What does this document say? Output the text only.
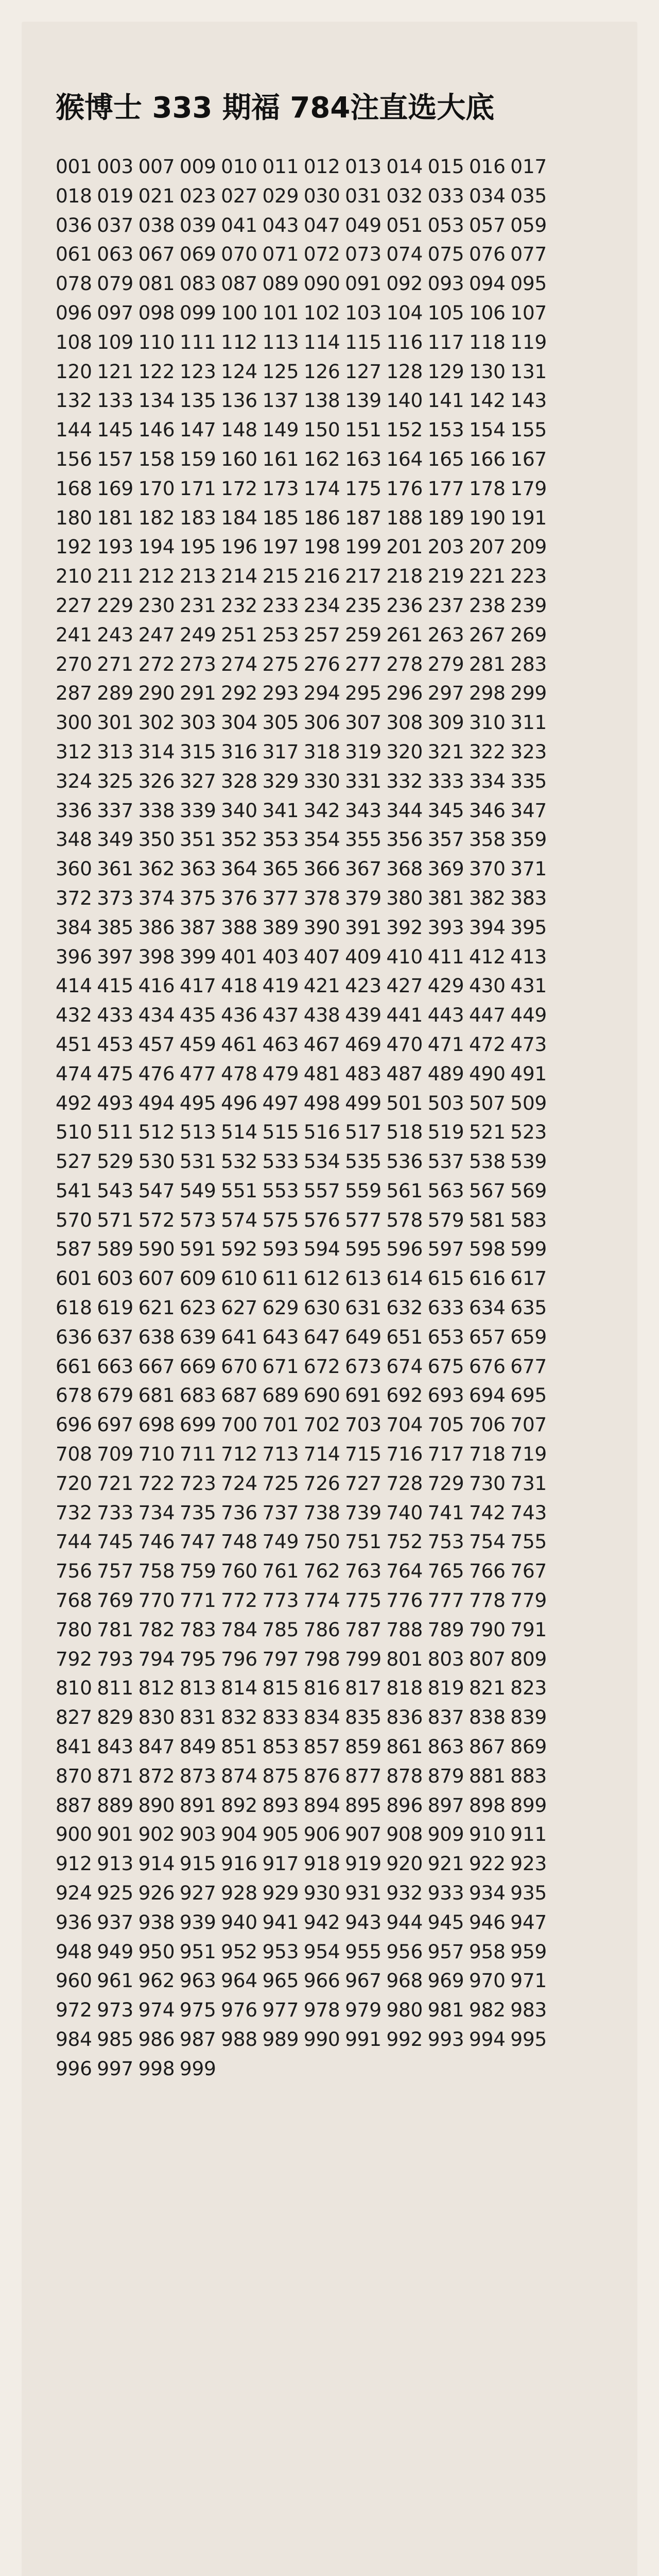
猴博士 333 期福 784注直选大底

001 003 007 009 010 011 012 013 014 015 016 017 018 019 021 023 027 029 030 031 032 033 034 035 036 037 038 039 041 043 047 049 051 053 057 059 061 063 067 069 070 071 072 073 074 075 076 077 078 079 081 083 087 089 090 091 092 093 094 095 096 097 098 099 100 101 102 103 104 105 106 107 108 109 110 111 112 113 114 115 116 117 118 119 120 121 122 123 124 125 126 127 128 129 130 131 132 133 134 135 136 137 138 139 140 141 142 143 144 145 146 147 148 149 150 151 152 153 154 155 156 157 158 159 160 161 162 163 164 165 166 167 168 169 170 171 172 173 174 175 176 177 178 179 180 181 182 183 184 185 186 187 188 189 190 191 192 193 194 195 196 197 198 199 201 203 207 209 210 211 212 213 214 215 216 217 218 219 221 223 227 229 230 231 232 233 234 235 236 237 238 239 241 243 247 249 251 253 257 259 261 263 267 269 270 271 272 273 274 275 276 277 278 279 281 283 287 289 290 291 292 293 294 295 296 297 298 299 300 301 302 303 304 305 306 307 308 309 310 311 312 313 314 315 316 317 318 319 320 321 322 323 324 325 326 327 328 329 330 331 332 333 334 335 336 337 338 339 340 341 342 343 344 345 346 347 348 349 350 351 352 353 354 355 356 357 358 359 360 361 362 363 364 365 366 367 368 369 370 371 372 373 374 375 376 377 378 379 380 381 382 383 384 385 386 387 388 389 390 391 392 393 394 395 396 397 398 399 401 403 407 409 410 411 412 413 414 415 416 417 418 419 421 423 427 429 430 431 432 433 434 435 436 437 438 439 441 443 447 449 451 453 457 459 461 463 467 469 470 471 472 473 474 475 476 477 478 479 481 483 487 489 490 491 492 493 494 495 496 497 498 499 501 503 507 509 510 511 512 513 514 515 516 517 518 519 521 523 527 529 530 531 532 533 534 535 536 537 538 539 541 543 547 549 551 553 557 559 561 563 567 569 570 571 572 573 574 575 576 577 578 579 581 583 587 589 590 591 592 593 594 595 596 597 598 599 601 603 607 609 610 611 612 613 614 615 616 617 618 619 621 623 627 629 630 631 632 633 634 635 636 637 638 639 641 643 647 649 651 653 657 659 661 663 667 669 670 671 672 673 674 675 676 677 678 679 681 683 687 689 690 691 692 693 694 695 696 697 698 699 700 701 702 703 704 705 706 707 708 709 710 711 712 713 714 715 716 717 718 719 720 721 722 723 724 725 726 727 728 729 730 731 732 733 734 735 736 737 738 739 740 741 742 743 744 745 746 747 748 749 750 751 752 753 754 755 756 757 758 759 760 761 762 763 764 765 766 767 768 769 770 771 772 773 774 775 776 777 778 779 780 781 782 783 784 785 786 787 788 789 790 791 792 793 794 795 796 797 798 799 801 803 807 809 810 811 812 813 814 815 816 817 818 819 821 823 827 829 830 831 832 833 834 835 836 837 838 839 841 843 847 849 851 853 857 859 861 863 867 869 870 871 872 873 874 875 876 877 878 879 881 883 887 889 890 891 892 893 894 895 896 897 898 899 900 901 902 903 904 905 906 907 908 909 910 911 912 913 914 915 916 917 918 919 920 921 922 923 924 925 926 927 928 929 930 931 932 933 934 935 936 937 938 939 940 941 942 943 944 945 946 947 948 949 950 951 952 953 954 955 956 957 958 959 960 961 962 963 964 965 966 967 968 969 970 971 972 973 974 975 976 977 978 979 980 981 982 983 984 985 986 987 988 989 990 991 992 993 994 995 996 997 998 999
